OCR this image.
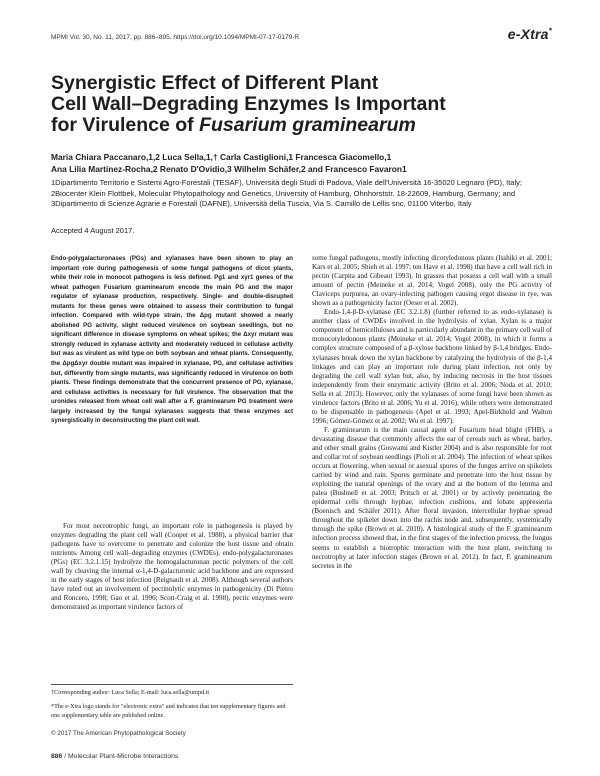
MPMI Vol. 30, No. 11, 2017, pp. 886–895. https://doi.org/10.1094/MPMI-07-17-0179-R	e-Xtra*
Synergistic Effect of Different Plant
Cell Wall–Degrading Enzymes Is Important
for Virulence of Fusarium graminearum
Maria Chiara Paccanaro,1,2 Luca Sella,1,† Carla Castiglioni,1 Francesca Giacomello,1
Ana Lilia Martínez-Rocha,2 Renato D'Ovidio,3 Wilhelm Schäfer,2 and Francesco Favaron1
1Dipartimento Territorio e Sistemi Agro-Forestali (TESAF), Università degli Studi di Padova, Viale dell'Università 16-35020 Legnaro (PD), Italy; 2Biocenter Klein Flottbek, Molecular Phytopathology and Genetics, University of Hamburg, Ohnhorststr. 18-22609, Hamburg, Germany; and 3Dipartimento di Scienze Agrarie e Forestali (DAFNE), Università della Tuscia, Via S. Camillo de Lellis snc, 01100 Viterbo, Italy
Accepted 4 August 2017.
Endo-polygalacturonases (PGs) and xylanases have been shown to play an important role during pathogenesis of some fungal pathogens of dicot plants, while their role in monocot pathogens is less defined. Pg1 and xyr1 genes of the wheat pathogen Fusarium graminearum encode the main PG and the major regulator of xylanase production, respectively. Single- and double-disrupted mutants for these genes were obtained to assess their contribution to fungal infection. Compared with wild-type strain, the Δpg mutant showed a nearly abolished PG activity, slight reduced virulence on soybean seedlings, but no significant difference in disease symptoms on wheat spikes; the Δxyr mutant was strongly reduced in xylanase activity and moderately reduced in cellulase activity but was as virulent as wild type on both soybean and wheat plants. Consequently, the ΔpgΔxyr double mutant was impaired in xylanase, PG, and cellulase activities but, differently from single mutants, was significantly reduced in virulence on both plants. These findings demonstrate that the concurrent presence of PG, xylanase, and cellulase activities is necessary for full virulence. The observation that the uronides released from wheat cell wall after a F. graminearum PG treatment were largely increased by the fungal xylanases suggests that these enzymes act synergistically in deconstructing the plant cell wall.
For most necrotrophic fungi, an important role in pathogenesis is played by enzymes degrading the plant cell wall (Cooper et al. 1988), a physical barrier that pathogens have to overcome to penetrate and colonize the host tissue and obtain nutrients. Among cell wall–degrading enzymes (CWDEs), endo-polygalacturonases (PGs) (EC 3.2.1.15) hydrolyze the homogalacturonan pectic polymers of the cell wall by cleaving the internal α-1,4-D-galacturonic acid backbone and are expressed in the early stages of host infection (Reignault et al. 2008). Although several authors have ruled out an involvement of pectinolytic enzymes in pathogenicity (Di Pietro and Roncero, 1998; Gao et al. 1996; Scott-Craig et al. 1998), pectic enzymes were demonstrated as important virulence factors of
†Corresponding author: Luca Sella; E-mail: luca.sella@unipd.it
*The e-Xtra logo stands for "electronic extra" and indicates that ten supplementary figures and one supplementary table are published online.
© 2017 The American Phytopathological Society
886 / Molecular Plant-Microbe Interactions

some fungal pathogens, mostly infecting dicotyledonous plants (Isshiki et al. 2001; Kars et al. 2005; Shieh et al. 1997; ten Have et al. 1998) that have a cell wall rich in pectin (Carpita and Gibeaut 1993). In grasses that possess a cell wall with a small amount of pectin (Meineke et al. 2014; Vogel 2008), only the PG activity of Claviceps purpurea, an ovary-infecting pathogen causing ergot disease in rye, was shown as a pathogenicity factor (Oeser et al. 2002).

Endo-1,4-β-D-xylanase (EC 3.2.1.8) (further referred to as endo-xylanase) is another class of CWDEs involved in the hydrolysis of xylan. Xylan is a major component of hemicelluloses and is particularly abundant in the primary cell wall of monocotyledonous plants (Meineke et al. 2014; Vogel 2008), in which it forms a complex structure composed of a β-xylose backbone linked by β-1,4 bridges. Endo-xylanases break down the xylan backbone by catalyzing the hydrolysis of the β-1,4 linkages and can play an important role during plant infection, not only by degrading the cell wall xylan but, also, by inducing necrosis in the host tissues independently from their enzymatic activity (Brito et al. 2006; Noda et al. 2010; Sella et al. 2013). However, only the xylanases of some fungi have been shown as virulence factors (Brito et al. 2006; Yu et al. 2016), while others were demonstrated to be dispensable in pathogenesis (Apel et al. 1993; Apel-Birkhold and Walton 1996; Gómez-Gómez et al. 2002; Wu et al. 1997).

F. graminearum is the main causal agent of Fusarium head blight (FHB), a devastating disease that commonly affects the ear of cereals such as wheat, barley, and other small grains (Goswami and Kistler 2004) and is also responsible for root and collar rot of soybean seedlings (Pioli et al. 2004). The infection of wheat spikes occurs at flowering, when sexual or asexual spores of the fungus arrive on spikelets carried by wind and rain. Spores germinate and penetrate into the host tissue by exploiting the natural openings of the ovary and at the bottom of the lemma and palea (Bushnell et al. 2003; Pritsch et al. 2001) or by actively penetrating the epidermal cells through hyphae, infection cushions, and lobate appressoria (Boenisch and Schäfer 2011). After floral invasion, intercellular hyphae spread throughout the spikelet down into the rachis node and, subsequently, systemically through the spike (Brown et al. 2010). A histological study of the F. graminearum infection process showed that, in the first stages of the infection process, the fungus seems to establish a biotrophic interaction with the host plant, switching to necrotrophy at later infection stages (Brown et al. 2012). In fact, F. graminearum secretes in the
